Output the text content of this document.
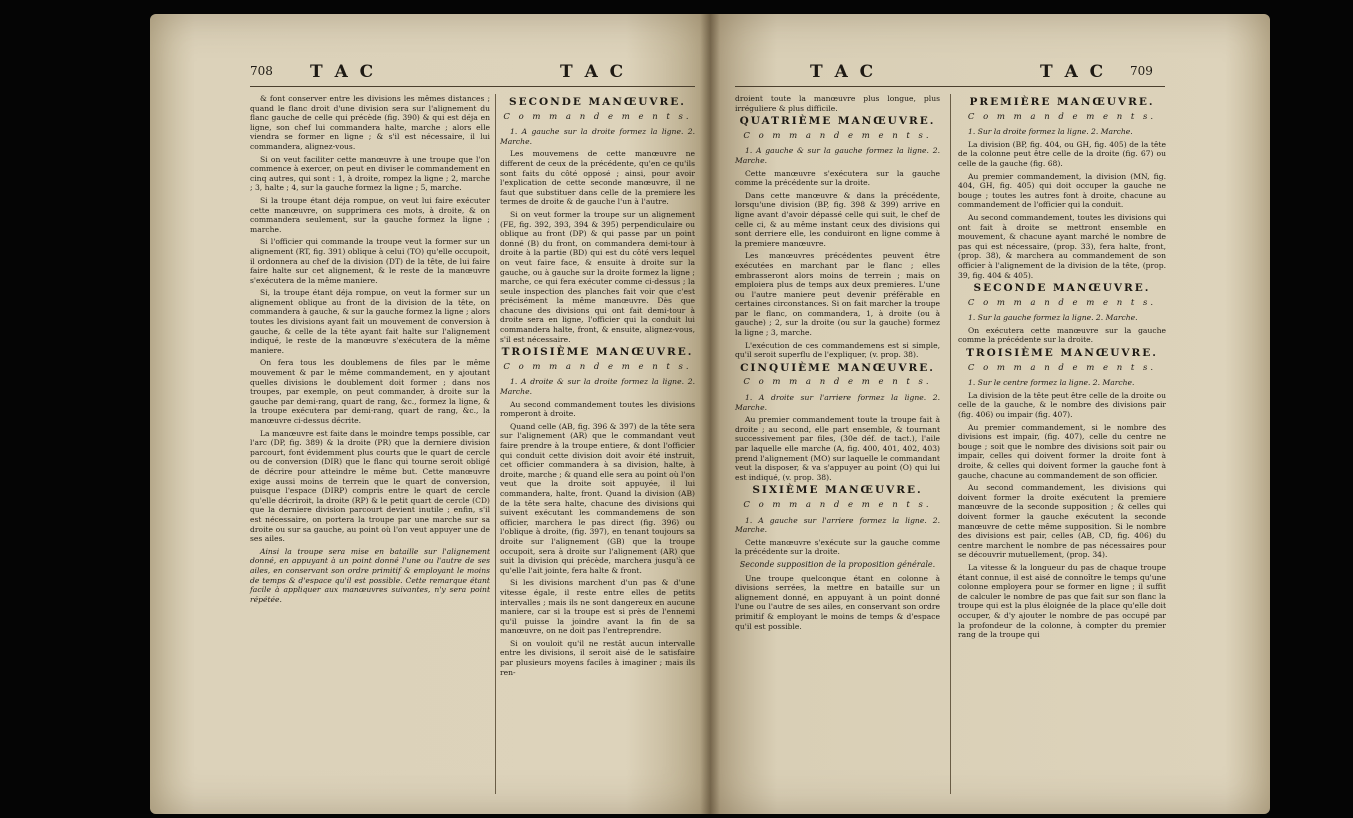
708 T A C	T A C

& font conserver entre les divisions les mêmes distances ; quand le flanc droit d'une division sera sur l'alignement du flanc gauche de celle qui précède (fig. 390) & qui est déja en ligne, son chef lui commandera halte, marche ; alors elle viendra se former en ligne ; & s'il est nécessaire, il lui commandera, alignez-vous.

Si on veut faciliter cette manœuvre à une troupe que l'on commence à exercer, on peut en diviser le commandement en cinq autres, qui sont : 1, à droite, rompez la ligne ; 2, marche ; 3, halte ; 4, sur la gauche formez la ligne ; 5, marche.

Si la troupe étant déja rompue, on veut lui faire exécuter cette manœuvre, on supprimera ces mots, à droite, & on commandera seulement, sur la gauche formez la ligne ; marche.

Si l'officier qui commande la troupe veut la former sur un alignement (RT, fig. 391) oblique à celui (TO) qu'elle occupoit, il ordonnera au chef de la division (DT) de la tête, de lui faire faire halte sur cet alignement, & le reste de la manœuvre s'exécutera de la même maniere.

Si, la troupe étant déja rompue, on veut la former sur un alignement oblique au front de la division de la tête, on commandera à gauche, & sur la gauche formez la ligne ; alors toutes les divisions ayant fait un mouvement de conversion à gauche, & celle de la tête ayant fait halte sur l'alignement indiqué, le reste de la manœuvre s'exécutera de la même maniere.

On fera tous les doublemens de files par le même mouvement & par le même commandement, en y ajoutant quelles divisions le doublement doit former ; dans nos troupes, par exemple, on peut commander, à droite sur la gauche par demi-rang, quart de rang, &c., formez la ligne, & la troupe exécutera par demi-rang, quart de rang, &c., la manœuvre ci-dessus décrite.

La manœuvre est faite dans le moindre temps possible, car l'arc (DP, fig. 389) & la droite (PR) que la derniere division parcourt, font évidemment plus courts que le quart de cercle ou de conversion (DIR) que le flanc qui tourne seroit obligé de décrire pour atteindre le même but. Cette manœuvre exige aussi moins de terrein que le quart de conversion, puisque l'espace (DIRP) compris entre le quart de cercle qu'elle décriroit, la droite (RP) & le petit quart de cercle (CD) que la derniere division parcourt devient inutile ; enfin, s'il est nécessaire, on portera la troupe par une marche sur sa droite ou sur sa gauche, au point où l'on veut appuyer une de ses ailes.

Ainsi la troupe sera mise en bataille sur l'alignement donné, en appuyant à un point donné l'une ou l'autre de ses ailes, en conservant son ordre primitif & employant le moins de temps & d'espace qu'il est possible. Cette remarque étant facile à appliquer aux manœuvres suivantes, n'y sera point répétée.

SECONDE MANŒUVRE.
C o m m a n d e m e n t s.

1. A gauche sur la droite formez la ligne. 2. Marche.

Les mouvemens de cette manœuvre ne different de ceux de la précédente, qu'en ce qu'ils sont faits du côté opposé ; ainsi, pour avoir l'explication de cette seconde manœuvre, il ne faut que substituer dans celle de la premiere les termes de droite & de gauche l'un à l'autre.

Si on veut former la troupe sur un alignement (FE, fig. 392, 393, 394 & 395) perpendiculaire ou oblique au front (DP) & qui passe par un point donné (B) du front, on commandera demi-tour à droite à la partie (BD) qui est du côté vers lequel on veut faire face, & ensuite à droite sur la gauche, ou à gauche sur la droite formez la ligne ; marche, ce qui fera exécuter comme ci-dessus ; la seule inspection des planches fait voir que c'est précisément la même manœuvre. Dès que chacune des divisions qui ont fait demi-tour à droite sera en ligne, l'officier qui la conduit lui commandera halte, front, & ensuite, alignez-vous, s'il est nécessaire.

TROISIÈME MANŒUVRE.
C o m m a n d e m e n t s.

1. A droite & sur la droite formez la ligne. 2. Marche.

Au second commandement toutes les divisions romperont à droite.

Quand celle (AB, fig. 396 & 397) de la tête sera sur l'alignement (AR) que le commandant veut faire prendre à la troupe entiere, & dont l'officier qui conduit cette division doit avoir été instruit, cet officier commandera à sa division, halte, à droite, marche ; & quand elle sera au point où l'on veut que la droite soit appuyée, il lui commandera, halte, front. Quand la division (AB) de la tête sera halte, chacune des divisions qui suivent exécutant les commandemens de son officier, marchera le pas direct (fig. 396) ou l'oblique à droite, (fig. 397), en tenant toujours sa droite sur l'alignement (GB) que la troupe occupoit, sera à droite sur l'alignement (AR) que suit la division qui précède, marchera jusqu'à ce qu'elle l'ait jointe, fera halte & front.

Si les divisions marchent d'un pas & d'une vitesse égale, il reste entre elles de petits intervalles ; mais ils ne sont dangereux en aucune maniere, car si la troupe est si près de l'ennemi qu'il puisse la joindre avant la fin de sa manœuvre, on ne doit pas l'entreprendre.

Si on vouloit qu'il ne restât aucun intervalle entre les divisions, il seroit aisé de le satisfaire par plusieurs moyens faciles à imaginer ; mais ils ren-

T A C	T A C 709

droient toute la manœuvre plus longue, plus irréguliere & plus difficile.

QUATRIÈME MANŒUVRE.
C o m m a n d e m e n t s.

1. A gauche & sur la gauche formez la ligne. 2. Marche.

Cette manœuvre s'exécutera sur la gauche comme la précédente sur la droite.

Dans cette manœuvre & dans la précédente, lorsqu'une division (BP, fig. 398 & 399) arrive en ligne avant d'avoir dépassé celle qui suit, le chef de celle ci, & au même instant ceux des divisions qui sont derriere elle, les conduiront en ligne comme à la premiere manœuvre.

Les manœuvres précédentes peuvent être exécutées en marchant par le flanc ; elles embrasseront alors moins de terrein ; mais on emploiera plus de temps aux deux premieres. L'une ou l'autre maniere peut devenir préférable en certaines circonstances. Si on fait marcher la troupe par le flanc, on commandera, 1, à droite (ou à gauche) ; 2, sur la droite (ou sur la gauche) formez la ligne ; 3, marche.

L'exécution de ces commandemens est si simple, qu'il seroit superflu de l'expliquer, (v. prop. 38).

CINQUIÈME MANŒUVRE.
C o m m a n d e m e n t s.

1. A droite sur l'arriere formez la ligne. 2. Marche.

Au premier commandement toute la troupe fait à droite ; au second, elle part ensemble, & tournant successivement par files, (30e déf. de tact.), l'aile par laquelle elle marche (A, fig. 400, 401, 402, 403) prend l'alignement (MO) sur laquelle le commandant veut la disposer, & va s'appuyer au point (O) qui lui est indiqué, (v. prop. 38).

SIXIÈME MANŒUVRE.
C o m m a n d e m e n t s.

1. A gauche sur l'arriere formez la ligne. 2. Marche.

Cette manœuvre s'exécute sur la gauche comme la précédente sur la droite.

Seconde supposition de la proposition générale.

Une troupe quelconque étant en colonne à divisions serrées, la mettre en bataille sur un alignement donné, en appuyant à un point donné l'une ou l'autre de ses ailes, en conservant son ordre primitif & employant le moins de temps & d'espace qu'il est possible.

PREMIÈRE MANŒUVRE.
C o m m a n d e m e n t s.

1. Sur la droite formez la ligne. 2. Marche.

La division (BP, fig. 404, ou GH, fig. 405) de la tête de la colonne peut être celle de la droite (fig. 67) ou celle de la gauche (fig. 68).

Au premier commandement, la division (MN, fig. 404, GH, fig. 405) qui doit occuper la gauche ne bouge ; toutes les autres font à droite, chacune au commandement de l'officier qui la conduit.

Au second commandement, toutes les divisions qui ont fait à droite se mettront ensemble en mouvement, & chacune ayant marché le nombre de pas qui est nécessaire, (prop. 33), fera halte, front, (prop. 38), & marchera au commandement de son officier à l'alignement de la division de la tête, (prop. 39, fig. 404 & 405).

SECONDE MANŒUVRE.
C o m m a n d e m e n t s.

1. Sur la gauche formez la ligne. 2. Marche.

On exécutera cette manœuvre sur la gauche comme la précédente sur la droite.

TROISIÈME MANŒUVRE.
C o m m a n d e m e n t s.

1. Sur le centre formez la ligne. 2. Marche.

La division de la tête peut être celle de la droite ou celle de la gauche, & le nombre des divisions pair (fig. 406) ou impair (fig. 407).

Au premier commandement, si le nombre des divisions est impair, (fig. 407), celle du centre ne bouge ; soit que le nombre des divisions soit pair ou impair, celles qui doivent former la droite font à droite, & celles qui doivent former la gauche font à gauche, chacune au commandement de son officier.

Au second commandement, les divisions qui doivent former la droite exécutent la premiere manœuvre de la seconde supposition ; & celles qui doivent former la gauche exécutent la seconde manœuvre de cette même supposition. Si le nombre des divisions est pair, celles (AB, CD, fig. 406) du centre marchent le nombre de pas nécessaires pour se découvrir mutuellement, (prop. 34).

La vitesse & la longueur du pas de chaque troupe étant connue, il est aisé de connoître le temps qu'une colonne employera pour se former en ligne ; il suffit de calculer le nombre de pas que fait sur son flanc la troupe qui est la plus éloignée de la place qu'elle doit occuper, & d'y ajouter le nombre de pas occupé par la profondeur de la colonne, à compter du premier rang de la troupe qui
